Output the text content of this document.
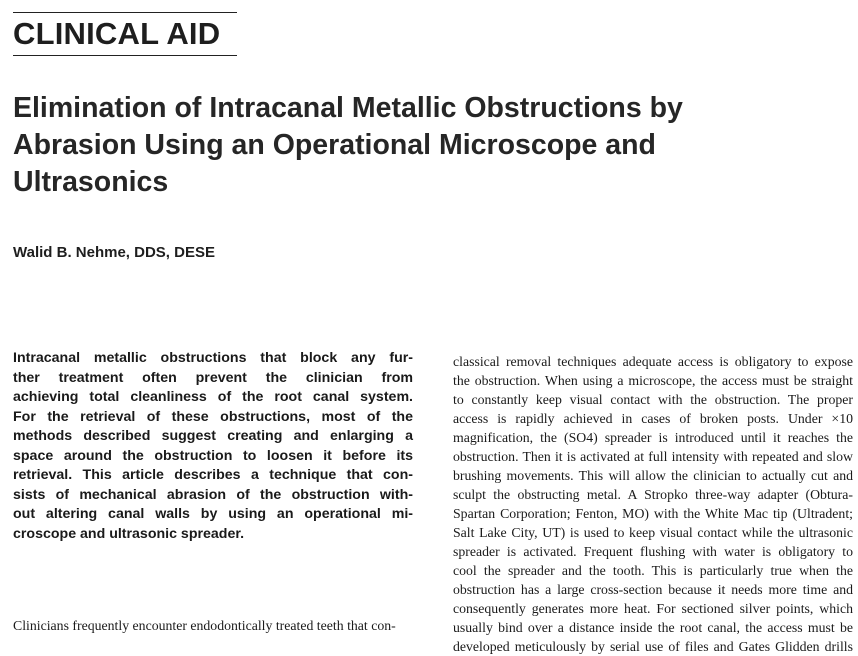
CLINICAL AID
Elimination of Intracanal Metallic Obstructions by
Abrasion Using an Operational Microscope and
Ultrasonics
Walid B. Nehme, DDS, DESE
Intracanal metallic obstructions that block any fur-
ther treatment often prevent the clinician from
achieving total cleanliness of the root canal system.
For the retrieval of these obstructions, most of the
methods described suggest creating and enlarging a
space around the obstruction to loosen it before its
retrieval. This article describes a technique that con-
sists of mechanical abrasion of the obstruction with-
out altering canal walls by using an operational mi-
croscope and ultrasonic spreader.
Clinicians frequently encounter endodontically treated teeth that con-
classical removal techniques adequate access is obligatory to expose
the obstruction. When using a microscope, the access must be straight
to constantly keep visual contact with the obstruction. The proper
access is rapidly achieved in cases of broken posts. Under ×10
magnification, the (SO4) spreader is introduced until it reaches the
obstruction. Then it is activated at full intensity with repeated and slow
brushing movements. This will allow the clinician to actually cut and
sculpt the obstructing metal. A Stropko three-way adapter (Obtura-
Spartan Corporation; Fenton, MO) with the White Mac tip (Ultradent;
Salt Lake City, UT) is used to keep visual contact while the ultrasonic
spreader is activated. Frequent flushing with water is obligatory to
cool the spreader and the tooth. This is particularly true when the
obstruction has a large cross-section because it needs more time and
consequently generates more heat. For sectioned silver points, which
usually bind over a distance inside the root canal, the access must be
developed meticulously by serial use of files and Gates Glidden drills
